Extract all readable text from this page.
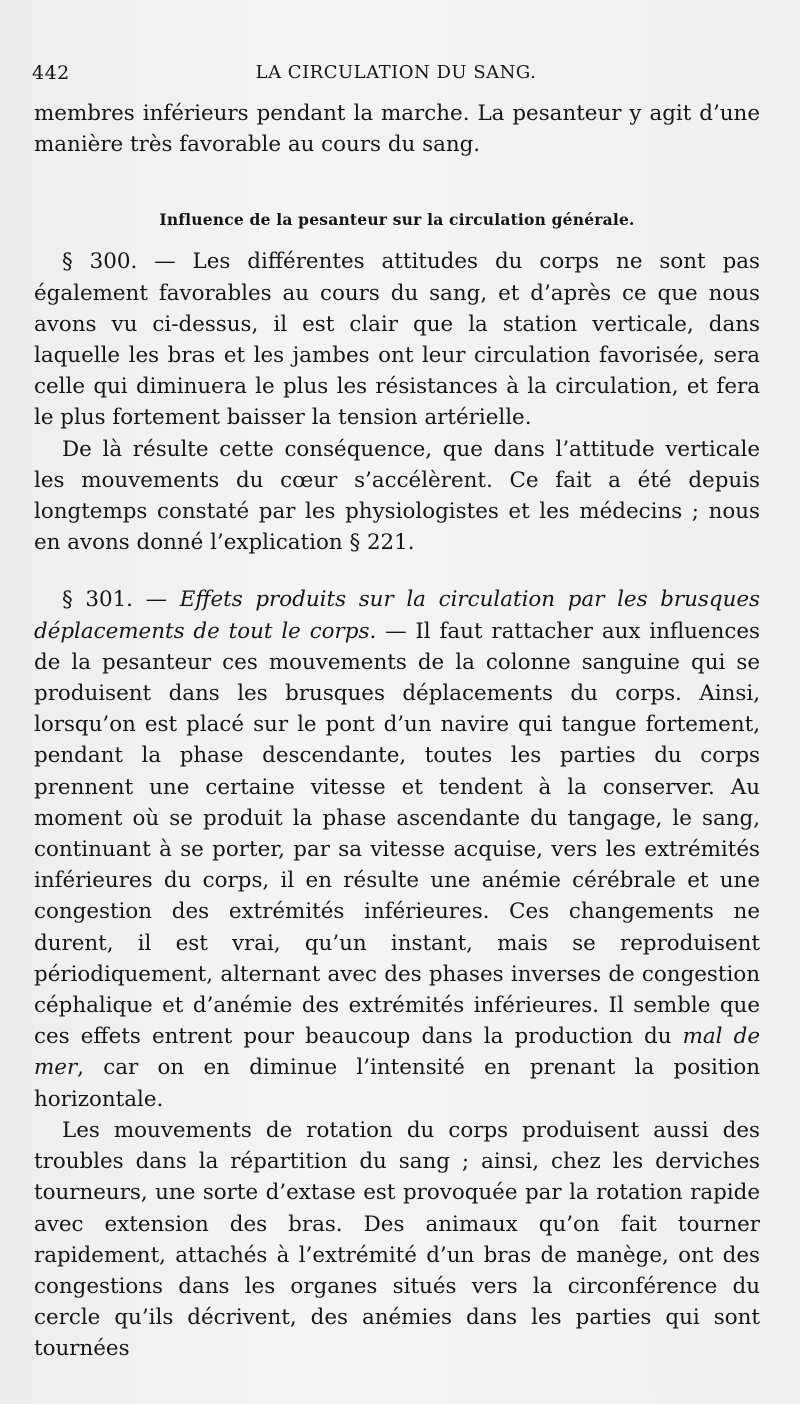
442	LA CIRCULATION DU SANG.

membres inférieurs pendant la marche. La pesanteur y agit d’une manière très favorable au cours du sang.

Influence de la pesanteur sur la circulation générale.

§ 300. — Les différentes attitudes du corps ne sont pas également favorables au cours du sang, et d’après ce que nous avons vu ci-dessus, il est clair que la station verticale, dans laquelle les bras et les jambes ont leur circulation favorisée, sera celle qui diminuera le plus les résistances à la circulation, et fera le plus fortement baisser la tension artérielle.

De là résulte cette conséquence, que dans l’attitude verticale les mouvements du cœur s’accélèrent. Ce fait a été depuis longtemps constaté par les physiologistes et les médecins ; nous en avons donné l’explication § 221.

§ 301. — Effets produits sur la circulation par les brusques déplacements de tout le corps. — Il faut rattacher aux influences de la pesanteur ces mouvements de la colonne sanguine qui se produisent dans les brusques déplacements du corps. Ainsi, lorsqu’on est placé sur le pont d’un navire qui tangue fortement, pendant la phase descendante, toutes les parties du corps prennent une certaine vitesse et tendent à la conserver. Au moment où se produit la phase ascendante du tangage, le sang, continuant à se porter, par sa vitesse acquise, vers les extrémités inférieures du corps, il en résulte une anémie cérébrale et une congestion des extrémités inférieures. Ces changements ne durent, il est vrai, qu’un instant, mais se reproduisent périodiquement, alternant avec des phases inverses de congestion céphalique et d’anémie des extrémités inférieures. Il semble que ces effets entrent pour beaucoup dans la production du mal de mer, car on en diminue l’intensité en prenant la position horizontale.

Les mouvements de rotation du corps produisent aussi des troubles dans la répartition du sang ; ainsi, chez les derviches tourneurs, une sorte d’extase est provoquée par la rotation rapide avec extension des bras. Des animaux qu’on fait tourner rapidement, attachés à l’extrémité d’un bras de manège, ont des congestions dans les organes situés vers la circonférence du cercle qu’ils décrivent, des anémies dans les parties qui sont tournées
